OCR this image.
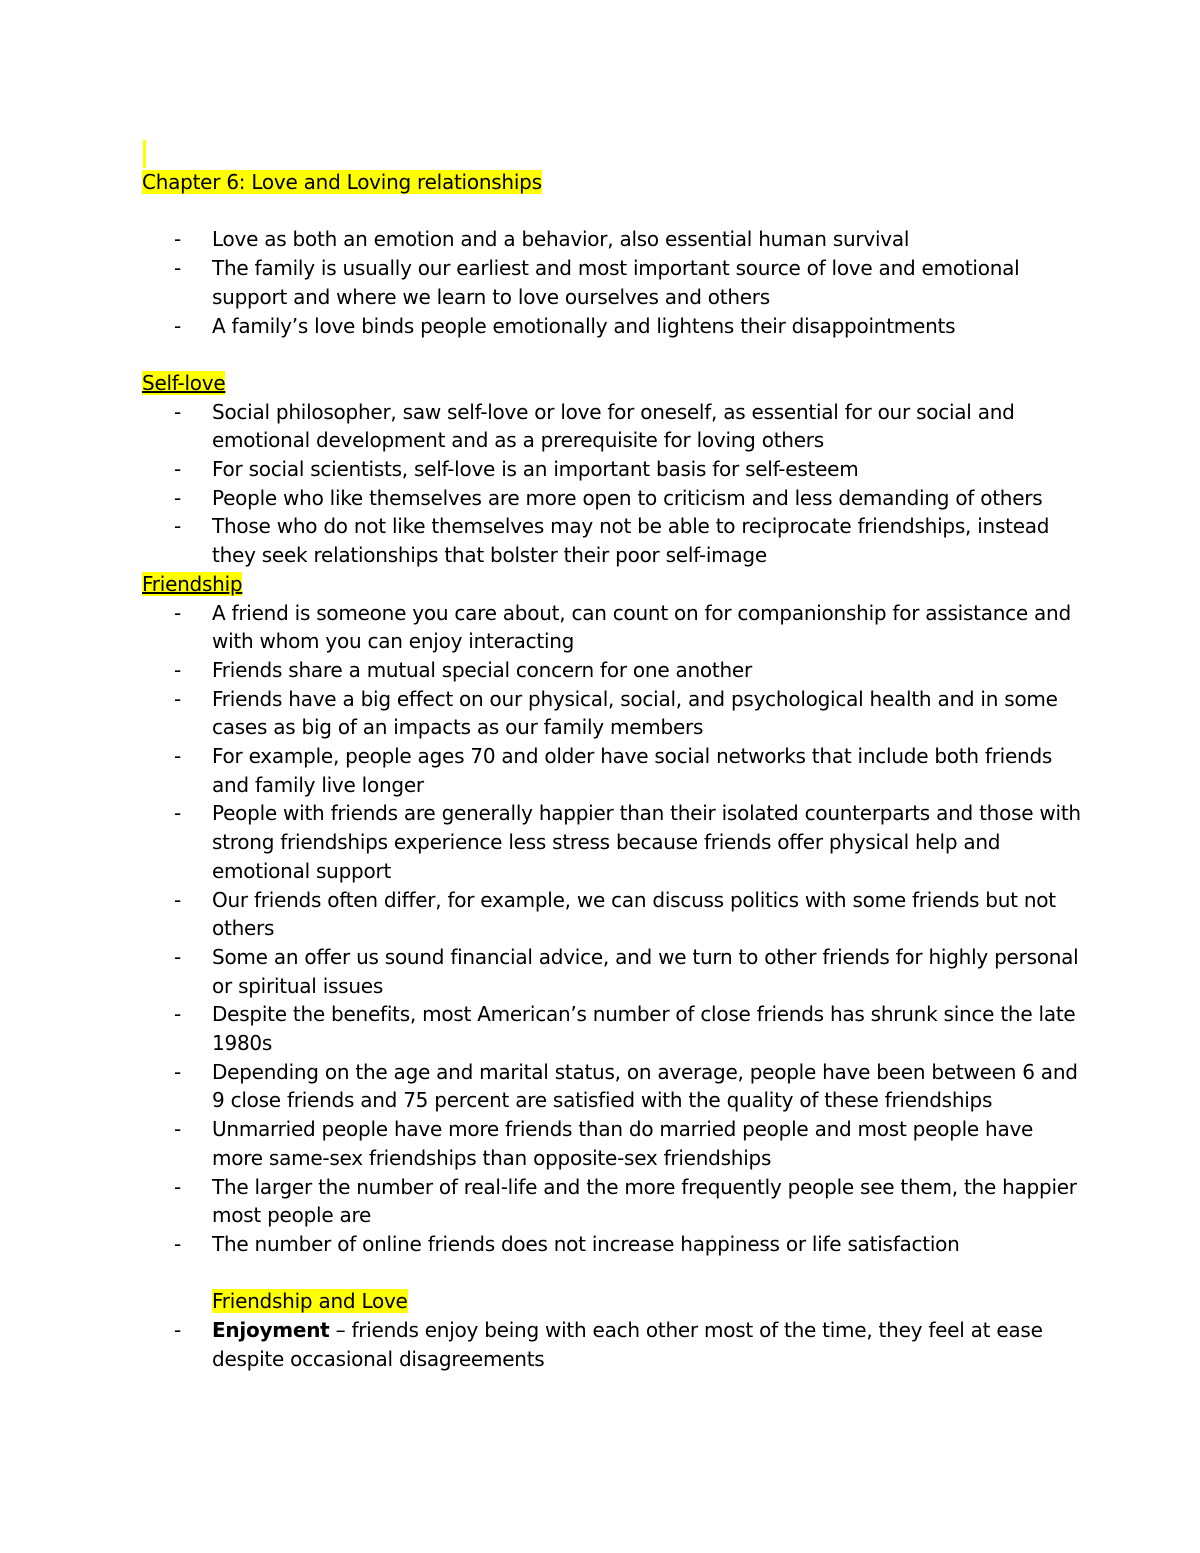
Chapter 6: Love and Loving relationships
- Love as both an emotion and a behavior, also essential human survival
- The family is usually our earliest and most important source of love and emotional support and where we learn to love ourselves and others
- A family’s love binds people emotionally and lightens their disappointments
Self-love
- Social philosopher, saw self-love or love for oneself, as essential for our social and emotional development and as a prerequisite for loving others
- For social scientists, self-love is an important basis for self-esteem
- People who like themselves are more open to criticism and less demanding of others
- Those who do not like themselves may not be able to reciprocate friendships, instead they seek relationships that bolster their poor self-image
Friendship
- A friend is someone you care about, can count on for companionship for assistance and with whom you can enjoy interacting
- Friends share a mutual special concern for one another
- Friends have a big effect on our physical, social, and psychological health and in some cases as big of an impacts as our family members
- For example, people ages 70 and older have social networks that include both friends and family live longer
- People with friends are generally happier than their isolated counterparts and those with strong friendships experience less stress because friends offer physical help and emotional support
- Our friends often differ, for example, we can discuss politics with some friends but not others
- Some an offer us sound financial advice, and we turn to other friends for highly personal or spiritual issues
- Despite the benefits, most American’s number of close friends has shrunk since the late 1980s
- Depending on the age and marital status, on average, people have been between 6 and 9 close friends and 75 percent are satisfied with the quality of these friendships
- Unmarried people have more friends than do married people and most people have more same-sex friendships than opposite-sex friendships
- The larger the number of real-life and the more frequently people see them, the happier most people are
- The number of online friends does not increase happiness or life satisfaction
Friendship and Love
- Enjoyment – friends enjoy being with each other most of the time, they feel at ease despite occasional disagreements
